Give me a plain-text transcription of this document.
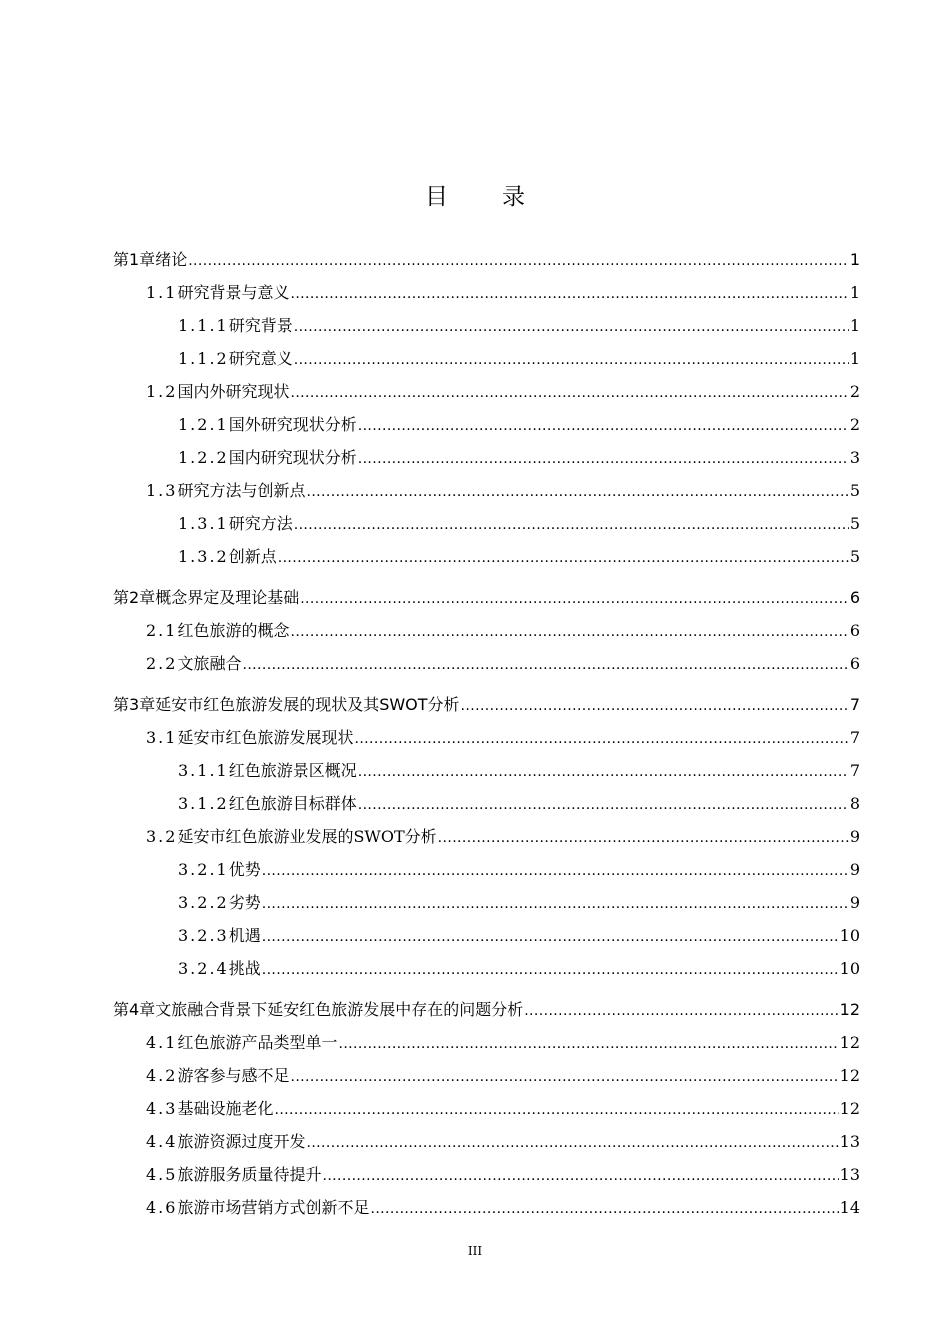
目 录
第1章 绪论 .....	1
1.1 研究背景与意义 .....	1
1.1.1 研究背景 .....	1
1.1.2 研究意义 .....	1
1.2 国内外研究现状 .....	2
1.2.1 国外研究现状分析 .....	2
1.2.2 国内研究现状分析 .....	3
1.3 研究方法与创新点 .....	5
1.3.1 研究方法 .....	5
1.3.2 创新点 .....	5
第2章 概念界定及理论基础 .....	6
2.1 红色旅游的概念 .....	6
2.2 文旅融合 .....	6
第3章 延安市红色旅游发展的现状及其SWOT分析 .....	7
3.1 延安市红色旅游发展现状 .....	7
3.1.1 红色旅游景区概况 .....	7
3.1.2 红色旅游目标群体 .....	8
3.2 延安市红色旅游业发展的SWOT分析 .....	9
3.2.1 优势 .....	9
3.2.2 劣势 .....	9
3.2.3 机遇 .....	10
3.2.4 挑战 .....	10
第4章 文旅融合背景下延安红色旅游发展中存在的问题分析 .....	12
4.1 红色旅游产品类型单一 .....	12
4.2 游客参与感不足 .....	12
4.3 基础设施老化 .....	12
4.4 旅游资源过度开发 .....	13
4.5 旅游服务质量待提升 .....	13
4.6 旅游市场营销方式创新不足 .....	14
III
